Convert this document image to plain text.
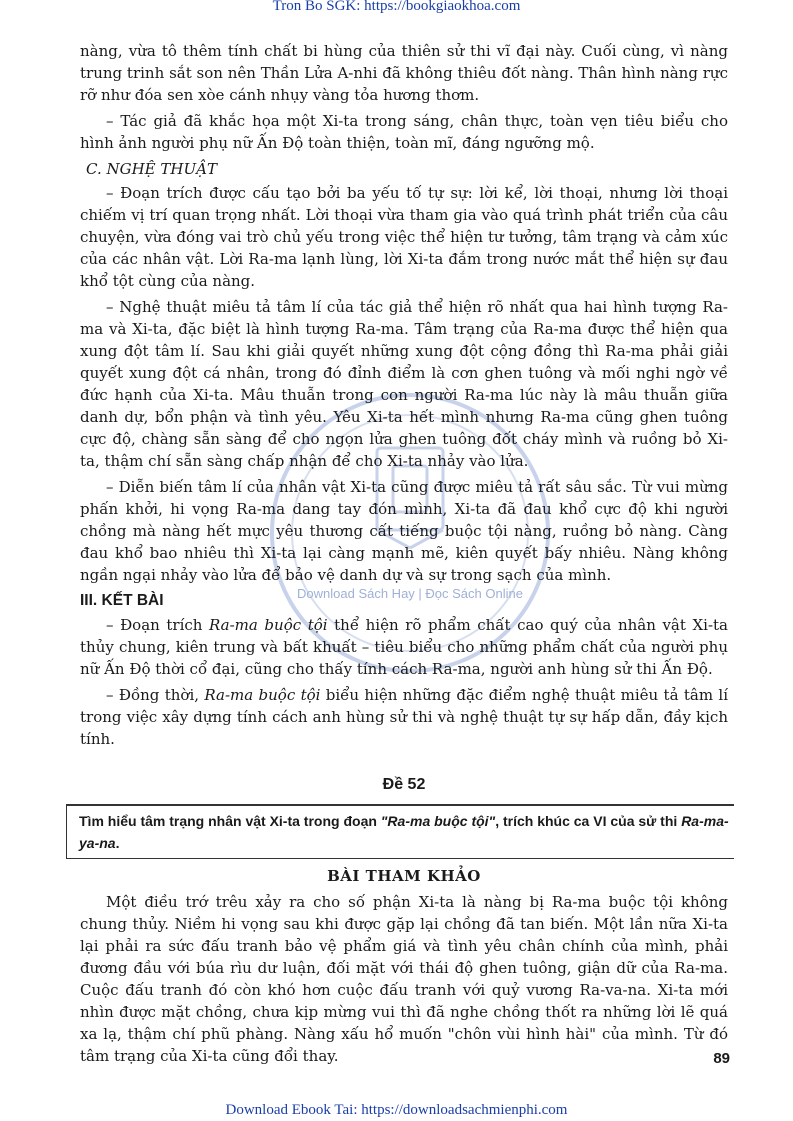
Tron Bo SGK: https://bookgiaokhoa.com
Download Sách Hay | Đọc Sách Online

nàng, vừa tô thêm tính chất bi hùng của thiên sử thi vĩ đại này. Cuối cùng, vì nàng trung trinh sắt son nên Thần Lửa A-nhi đã không thiêu đốt nàng. Thân hình nàng rực rỡ như đóa sen xòe cánh nhụy vàng tỏa hương thơm.

– Tác giả đã khắc họa một Xi-ta trong sáng, chân thực, toàn vẹn tiêu biểu cho hình ảnh người phụ nữ Ấn Độ toàn thiện, toàn mĩ, đáng ngưỡng mộ.

C. NGHỆ THUẬT

– Đoạn trích được cấu tạo bởi ba yếu tố tự sự: lời kể, lời thoại, nhưng lời thoại chiếm vị trí quan trọng nhất. Lời thoại vừa tham gia vào quá trình phát triển của câu chuyện, vừa đóng vai trò chủ yếu trong việc thể hiện tư tưởng, tâm trạng và cảm xúc của các nhân vật. Lời Ra-ma lạnh lùng, lời Xi-ta đắm trong nước mắt thể hiện sự đau khổ tột cùng của nàng.

– Nghệ thuật miêu tả tâm lí của tác giả thể hiện rõ nhất qua hai hình tượng Ra-ma và Xi-ta, đặc biệt là hình tượng Ra-ma. Tâm trạng của Ra-ma được thể hiện qua xung đột tâm lí. Sau khi giải quyết những xung đột cộng đồng thì Ra-ma phải giải quyết xung đột cá nhân, trong đó đỉnh điểm là cơn ghen tuông và mối nghi ngờ về đức hạnh của Xi-ta. Mâu thuẫn trong con người Ra-ma lúc này là mâu thuẫn giữa danh dự, bổn phận và tình yêu. Yêu Xi-ta hết mình nhưng Ra-ma cũng ghen tuông cực độ, chàng sẵn sàng để cho ngọn lửa ghen tuông đốt cháy mình và ruồng bỏ Xi-ta, thậm chí sẵn sàng chấp nhận để cho Xi-ta nhảy vào lửa.

– Diễn biến tâm lí của nhân vật Xi-ta cũng được miêu tả rất sâu sắc. Từ vui mừng phấn khởi, hi vọng Ra-ma dang tay đón mình, Xi-ta đã đau khổ cực độ khi người chồng mà nàng hết mực yêu thương cất tiếng buộc tội nàng, ruồng bỏ nàng. Càng đau khổ bao nhiêu thì Xi-ta lại càng mạnh mẽ, kiên quyết bấy nhiêu. Nàng không ngần ngại nhảy vào lửa để bảo vệ danh dự và sự trong sạch của mình.

III. KẾT BÀI

– Đoạn trích Ra-ma buộc tội thể hiện rõ phẩm chất cao quý của nhân vật Xi-ta thủy chung, kiên trung và bất khuất – tiêu biểu cho những phẩm chất của người phụ nữ Ấn Độ thời cổ đại, cũng cho thấy tính cách Ra-ma, người anh hùng sử thi Ấn Độ.

– Đồng thời, Ra-ma buộc tội biểu hiện những đặc điểm nghệ thuật miêu tả tâm lí trong việc xây dựng tính cách anh hùng sử thi và nghệ thuật tự sự hấp dẫn, đầy kịch tính.

Đề 52
Tìm hiểu tâm trạng nhân vật Xi-ta trong đoạn "Ra-ma buộc tội", trích khúc ca VI của sử thi Ra-ma-ya-na.
BÀI THAM KHẢO

Một điều trớ trêu xảy ra cho số phận Xi-ta là nàng bị Ra-ma buộc tội không chung thủy. Niềm hi vọng sau khi được gặp lại chồng đã tan biến. Một lần nữa Xi-ta lại phải ra sức đấu tranh bảo vệ phẩm giá và tình yêu chân chính của mình, phải đương đầu với búa rìu dư luận, đối mặt với thái độ ghen tuông, giận dữ của Ra-ma. Cuộc đấu tranh đó còn khó hơn cuộc đấu tranh với quỷ vương Ra-va-na. Xi-ta mới nhìn được mặt chồng, chưa kịp mừng vui thì đã nghe chồng thốt ra những lời lẽ quá xa lạ, thậm chí phũ phàng. Nàng xấu hổ muốn "chôn vùi hình hài" của mình. Từ đó tâm trạng của Xi-ta cũng đổi thay.	89
Download Ebook Tai: https://downloadsachmienphi.com
